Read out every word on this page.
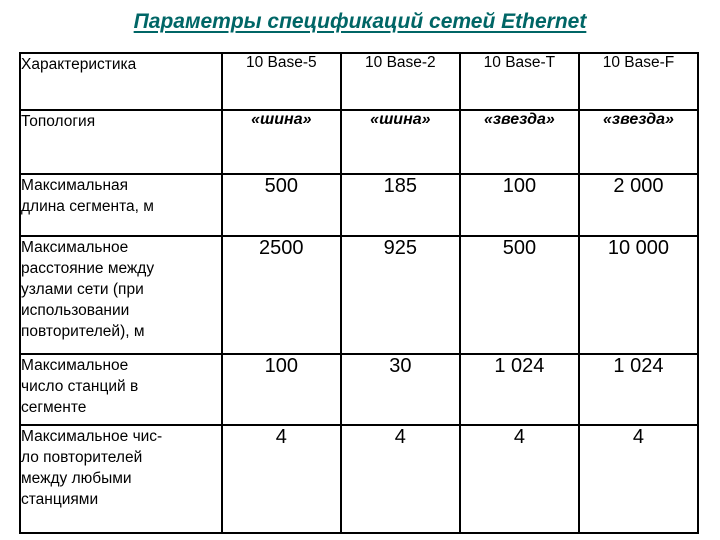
Параметры спецификаций сетей Ethernet
Характеристика	10 Base-5	10 Base-2	10 Base-T	10 Base-F
Топология	«шина»	«шина»	«звезда»	«звезда»

Максимальная
длина сегмента, м	500	185	100	2 000

Максимальное
расстояние между
узлами сети (при
использовании
повторителей), м	2500	925	500	10 000

Максимальное
число станций в
сегменте	100	30	1 024	1 024

Максимальное чис-
ло повторителей
между любыми
станциями	4	4	4	4
